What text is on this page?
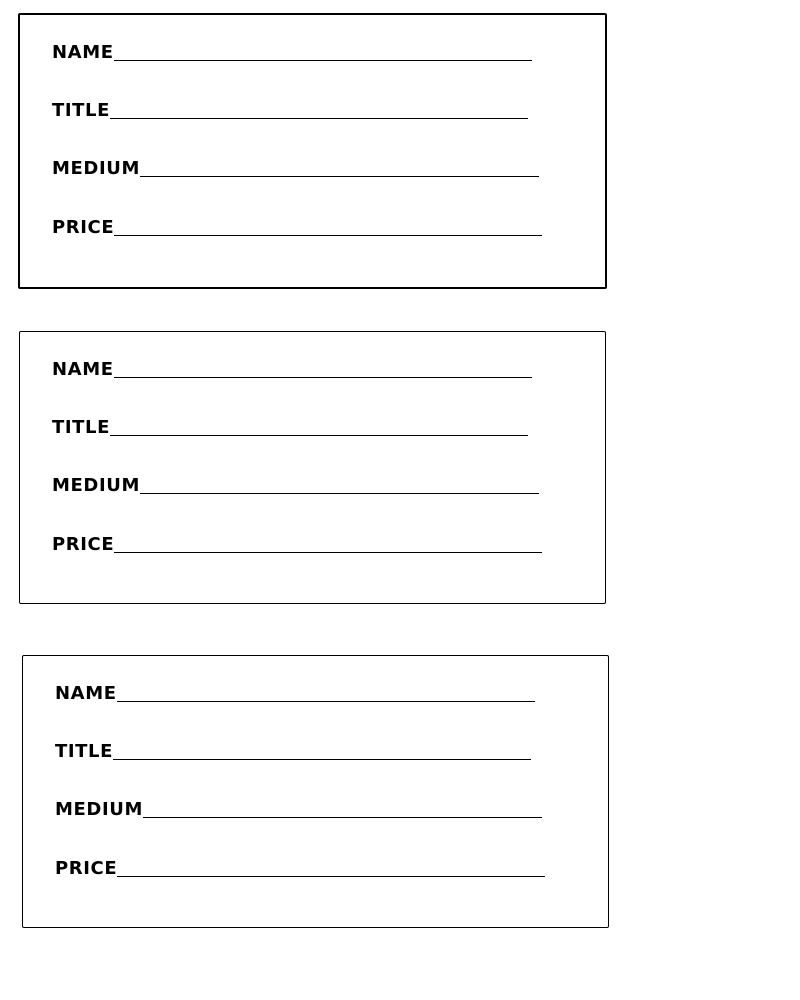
NAME
TITLE
MEDIUM
PRICE
NAME
TITLE
MEDIUM
PRICE
NAME
TITLE
MEDIUM
PRICE
